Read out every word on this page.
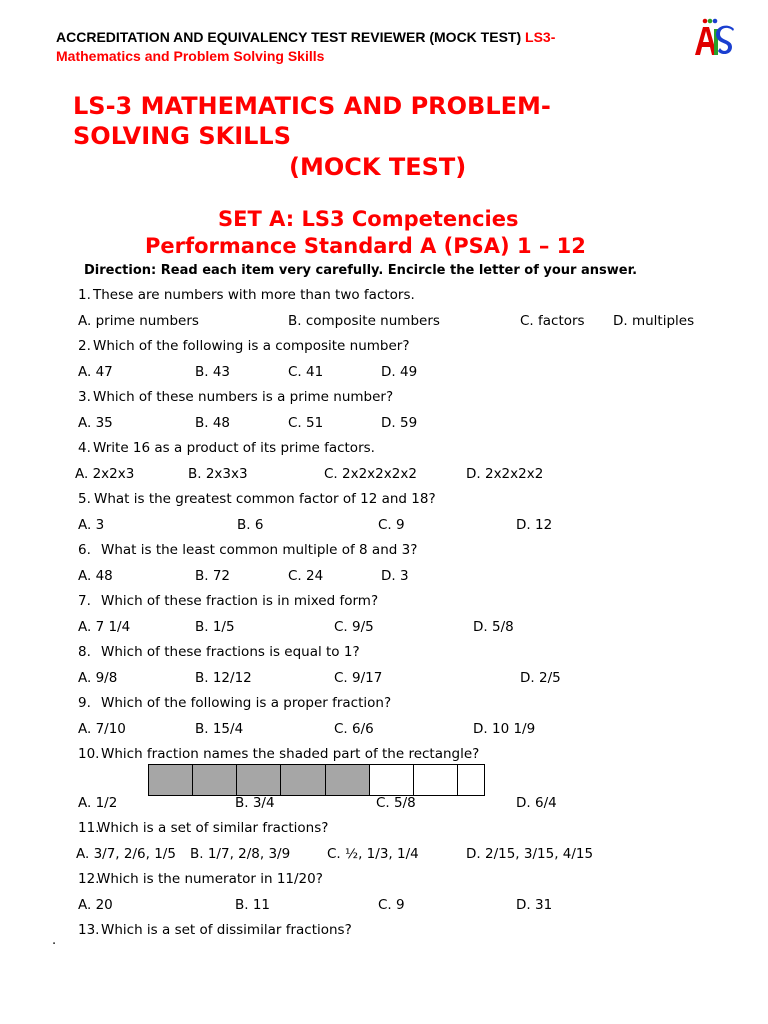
ACCREDITATION AND EQUIVALENCY TEST REVIEWER (MOCK TEST) LS3-
Mathematics and Problem Solving Skills
LS-3 MATHEMATICS AND PROBLEM-
SOLVING SKILLS
(MOCK TEST)
SET A: LS3 Competencies
Performance Standard A (PSA) 1 – 12
Direction: Read each item very carefully. Encircle the letter of your answer.
1. These are numbers with more than two factors.
A. prime numbers	B. composite numbers	C. factors D. multiples
2. Which of the following is a composite number?
A. 47	B. 43	C. 41	D. 49
3. Which of these numbers is a prime number?
A. 35	B. 48	C. 51	D. 59
4. Write 16 as a product of its prime factors.
A. 2x2x3	B. 2x3x3	C. 2x2x2x2x2	D. 2x2x2x2
5. What is the greatest common factor of 12 and 18?
A. 3	B. 6	C. 9	D. 12
6. What is the least common multiple of 8 and 3?
A. 48	B. 72	C. 24	D. 3
7. Which of these fraction is in mixed form?
A. 7 1/4	B. 1/5	C. 9/5	D. 5/8
8. Which of these fractions is equal to 1?
A. 9/8	B. 12/12	C. 9/17	D. 2/5
9. Which of the following is a proper fraction?
A. 7/10	B. 15/4	C. 6/6	D. 10 1/9
10. Which fraction names the shaded part of the rectangle?
A. 1/2	B. 3/4	C. 5/8	D. 6/4
11.
Which is a set of similar fractions?
A. 3/7, 2/6, 1/5 B. 1/7, 2/8, 3/9	C. ½, 1/3, 1/4	D. 2/15, 3/15, 4/15
12.
Which is the numerator in 11/20?
A. 20	B. 11	C. 9	D. 31
13. Which is a set of dissimilar fractions?
.
